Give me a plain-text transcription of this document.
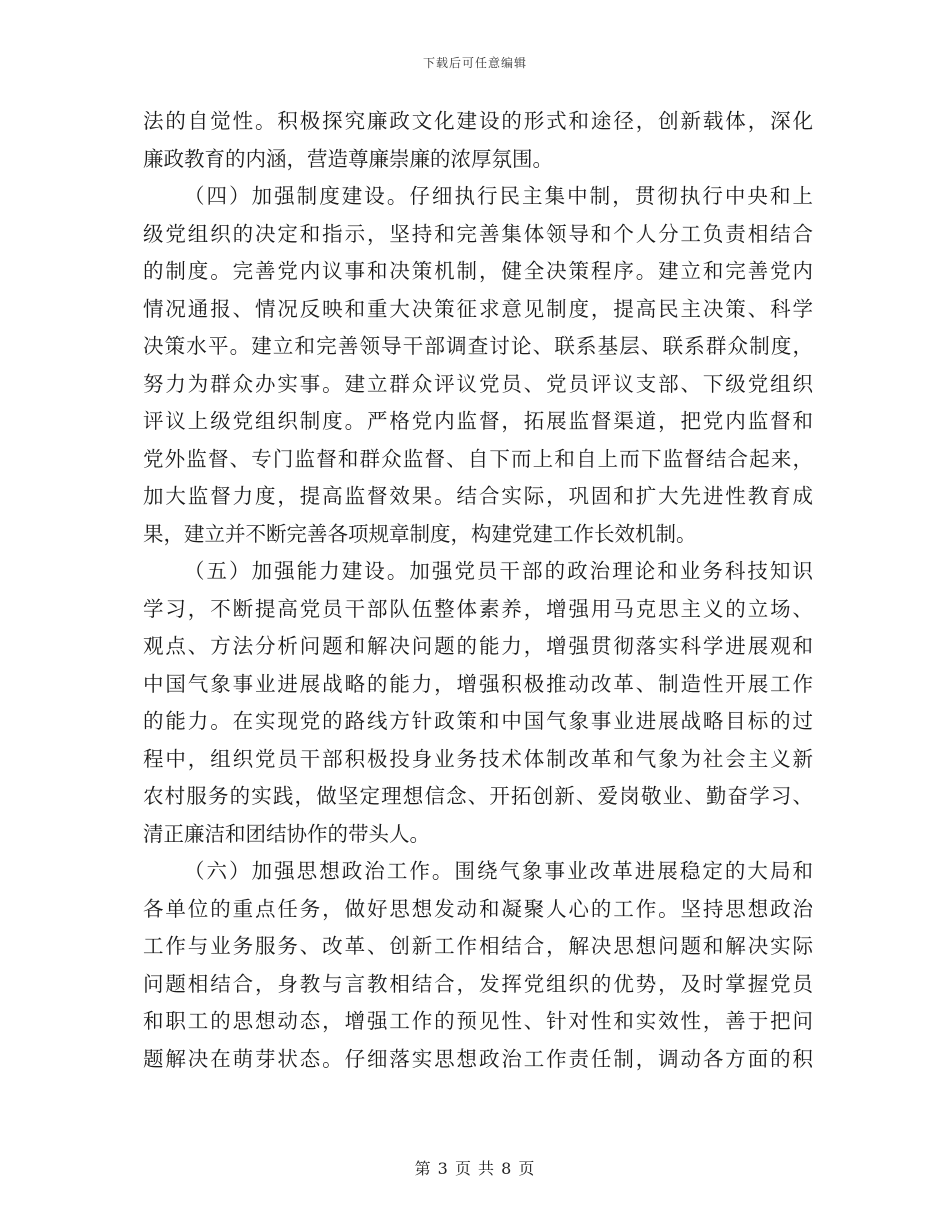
下载后可任意编辑
法的自觉性。积极探究廉政文化建设的形式和途径，创新载体，深化
廉政教育的内涵，营造尊廉崇廉的浓厚氛围。
（四）加强制度建设。仔细执行民主集中制，贯彻执行中央和上
级党组织的决定和指示，坚持和完善集体领导和个人分工负责相结合
的制度。完善党内议事和决策机制，健全决策程序。建立和完善党内
情况通报、情况反映和重大决策征求意见制度，提高民主决策、科学
决策水平。建立和完善领导干部调查讨论、联系基层、联系群众制度，
努力为群众办实事。建立群众评议党员、党员评议支部、下级党组织
评议上级党组织制度。严格党内监督，拓展监督渠道，把党内监督和
党外监督、专门监督和群众监督、自下而上和自上而下监督结合起来，
加大监督力度，提高监督效果。结合实际，巩固和扩大先进性教育成
果，建立并不断完善各项规章制度，构建党建工作长效机制。
（五）加强能力建设。加强党员干部的政治理论和业务科技知识
学习，不断提高党员干部队伍整体素养，增强用马克思主义的立场、
观点、方法分析问题和解决问题的能力，增强贯彻落实科学进展观和
中国气象事业进展战略的能力，增强积极推动改革、制造性开展工作
的能力。在实现党的路线方针政策和中国气象事业进展战略目标的过
程中，组织党员干部积极投身业务技术体制改革和气象为社会主义新
农村服务的实践，做坚定理想信念、开拓创新、爱岗敬业、勤奋学习、
清正廉洁和团结协作的带头人。
（六）加强思想政治工作。围绕气象事业改革进展稳定的大局和
各单位的重点任务，做好思想发动和凝聚人心的工作。坚持思想政治
工作与业务服务、改革、创新工作相结合，解决思想问题和解决实际
问题相结合，身教与言教相结合，发挥党组织的优势，及时掌握党员
和职工的思想动态，增强工作的预见性、针对性和实效性，善于把问
题解决在萌芽状态。仔细落实思想政治工作责任制，调动各方面的积
第 3 页 共 8 页
